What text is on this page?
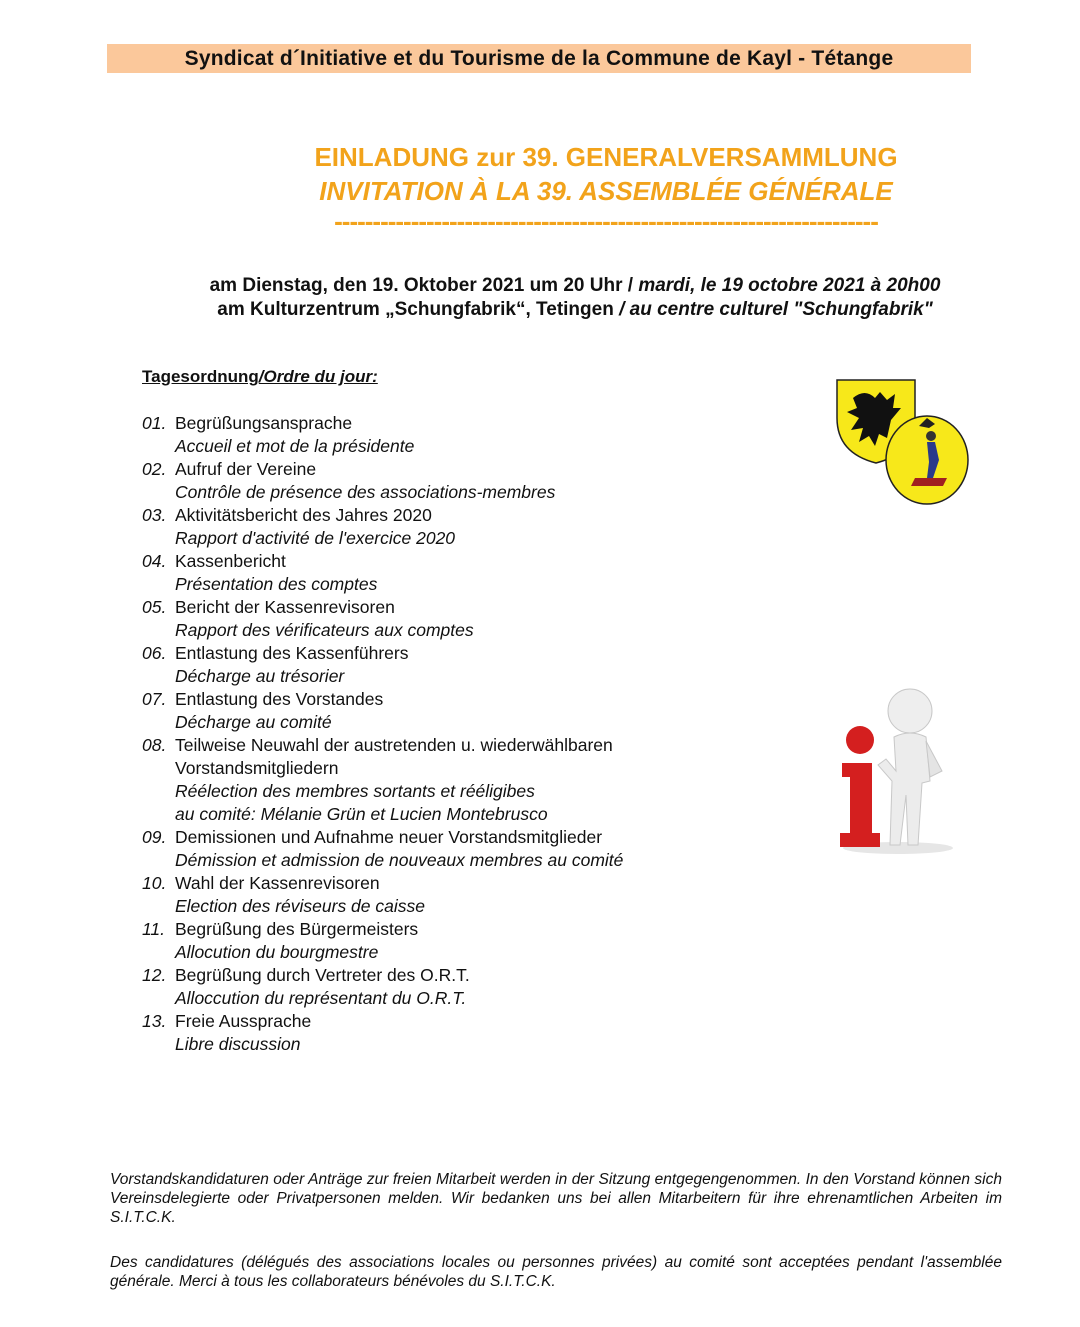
Syndicat d´Initiative et du Tourisme de la Commune de Kayl - Tétange
EINLADUNG zur 39. GENERALVERSAMMLUNG
INVITATION À LA 39. ASSEMBLÉE GÉNÉRALE
-----------------------------------------------------------------------
am Dienstag, den 19. Oktober 2021 um 20 Uhr / mardi, le 19 octobre 2021 à 20h00
am Kulturzentrum „Schungfabrik“, Tetingen / au centre culturel "Schungfabrik"
Tagesordnung/Ordre du jour:
01. Begrüßungsansprache
Accueil et mot de la présidente
02. Aufruf der Vereine
Contrôle de présence des associations-membres
03. Aktivitätsbericht des Jahres 2020
Rapport d'activité de l'exercice 2020
04. Kassenbericht
Présentation des comptes
05. Bericht der Kassenrevisoren
Rapport des vérificateurs aux comptes
06. Entlastung des Kassenführers
Décharge au trésorier
07. Entlastung des Vorstandes
Décharge au comité
08. Teilweise Neuwahl der austretenden u. wiederwählbaren
Vorstandsmitgliedern
Réélection des membres sortants et rééligibes
au comité: Mélanie Grün et Lucien Montebrusco
09. Demissionen und Aufnahme neuer Vorstandsmitglieder
Démission et admission de nouveaux membres au comité
10. Wahl der Kassenrevisoren
Election des réviseurs de caisse
11. Begrüßung des Bürgermeisters
Allocution du bourgmestre
12. Begrüßung durch Vertreter des O.R.T.
Alloccution du représentant du O.R.T.
13. Freie Aussprache
Libre discussion
Vorstandskandidaturen oder Anträge zur freien Mitarbeit werden in der Sitzung entgegengenommen. In den Vorstand können sich Vereinsdelegierte oder Privatpersonen melden. Wir bedanken uns bei allen Mitarbeitern für ihre ehrenamtlichen Arbeiten im S.I.T.C.K.
Des candidatures (délégués des associations locales ou personnes privées) au comité sont acceptées pendant l'assemblée générale. Merci à tous les collaborateurs bénévoles du S.I.T.C.K.
